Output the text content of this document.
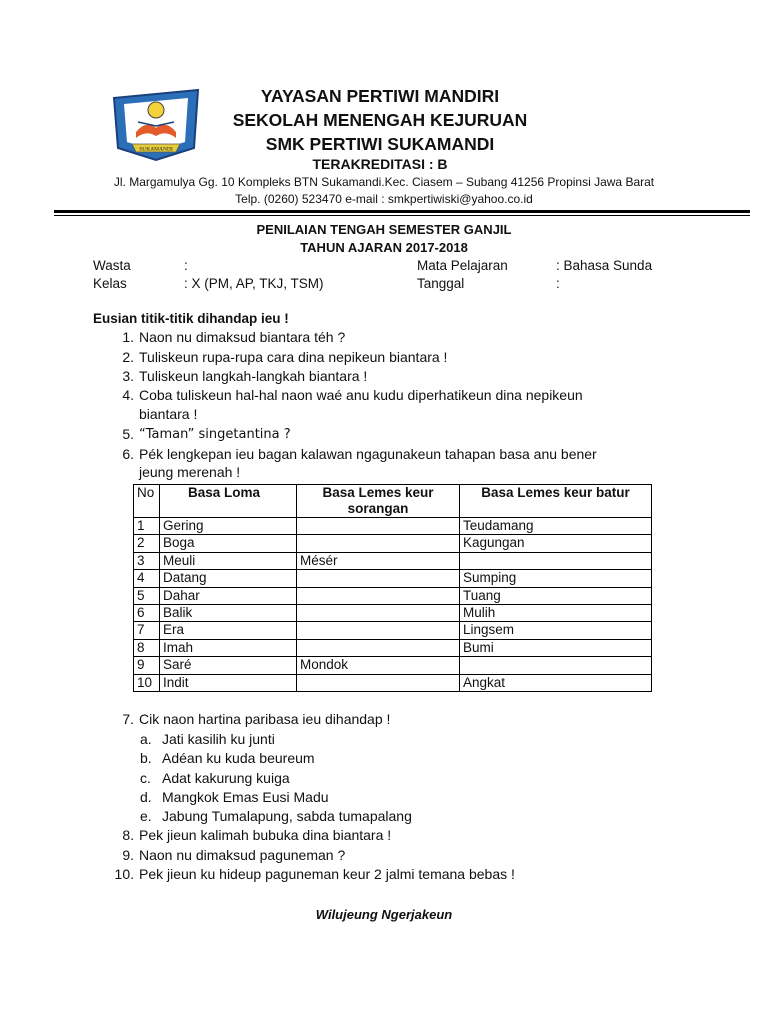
SUKAMANDI
YAYASAN PERTIWI MANDIRI
SEKOLAH MENENGAH KEJURUAN
SMK PERTIWI SUKAMANDI
TERAKREDITASI : B
Jl. Margamulya Gg. 10 Kompleks BTN Sukamandi.Kec. Ciasem – Subang 41256 Propinsi Jawa Barat
Telp. (0260) 523470 e-mail : smkpertiwiski@yahoo.co.id
PENILAIAN TENGAH SEMESTER GANJIL
TAHUN AJARAN 2017-2018
Wasta	:	Mata Pelajaran	: Bahasa Sunda
Kelas	: X (PM, AP, TKJ, TSM)	Tanggal	:
Eusian titik-titik dihandap ieu !
1. Naon nu dimaksud biantara téh ?
2. Tuliskeun rupa-rupa cara dina nepikeun biantara !
3. Tuliskeun langkah-langkah biantara !
4. Coba tuliskeun hal-hal naon waé anu kudu diperhatikeun dina nepikeun
biantara !
5. “Taman” singetantina ?
6. Pék lengkepan ieu bagan kalawan ngagunakeun tahapan basa anu bener
jeung merenah !
No	Basa Loma	Basa Lemes keur sorangan	Basa Lemes keur batur
1	Gering		Teudamang
2	Boga		Kagungan
3	Meuli	Mésér	
4	Datang		Sumping
5	Dahar		Tuang
6	Balik		Mulih
7	Era		Lingsem
8	Imah		Bumi
9	Saré	Mondok	
10	Indit		Angkat
7. Cik naon hartina paribasa ieu dihandap !
a. Jati kasilih ku junti
b. Adéan ku kuda beureum
c. Adat kakurung kuiga
d. Mangkok Emas Eusi Madu
e. Jabung Tumalapung, sabda tumapalang
8. Pek jieun kalimah bubuka dina biantara !
9. Naon nu dimaksud paguneman ?
10. Pek jieun ku hideup paguneman keur 2 jalmi temana bebas !
Wilujeung Ngerjakeun
